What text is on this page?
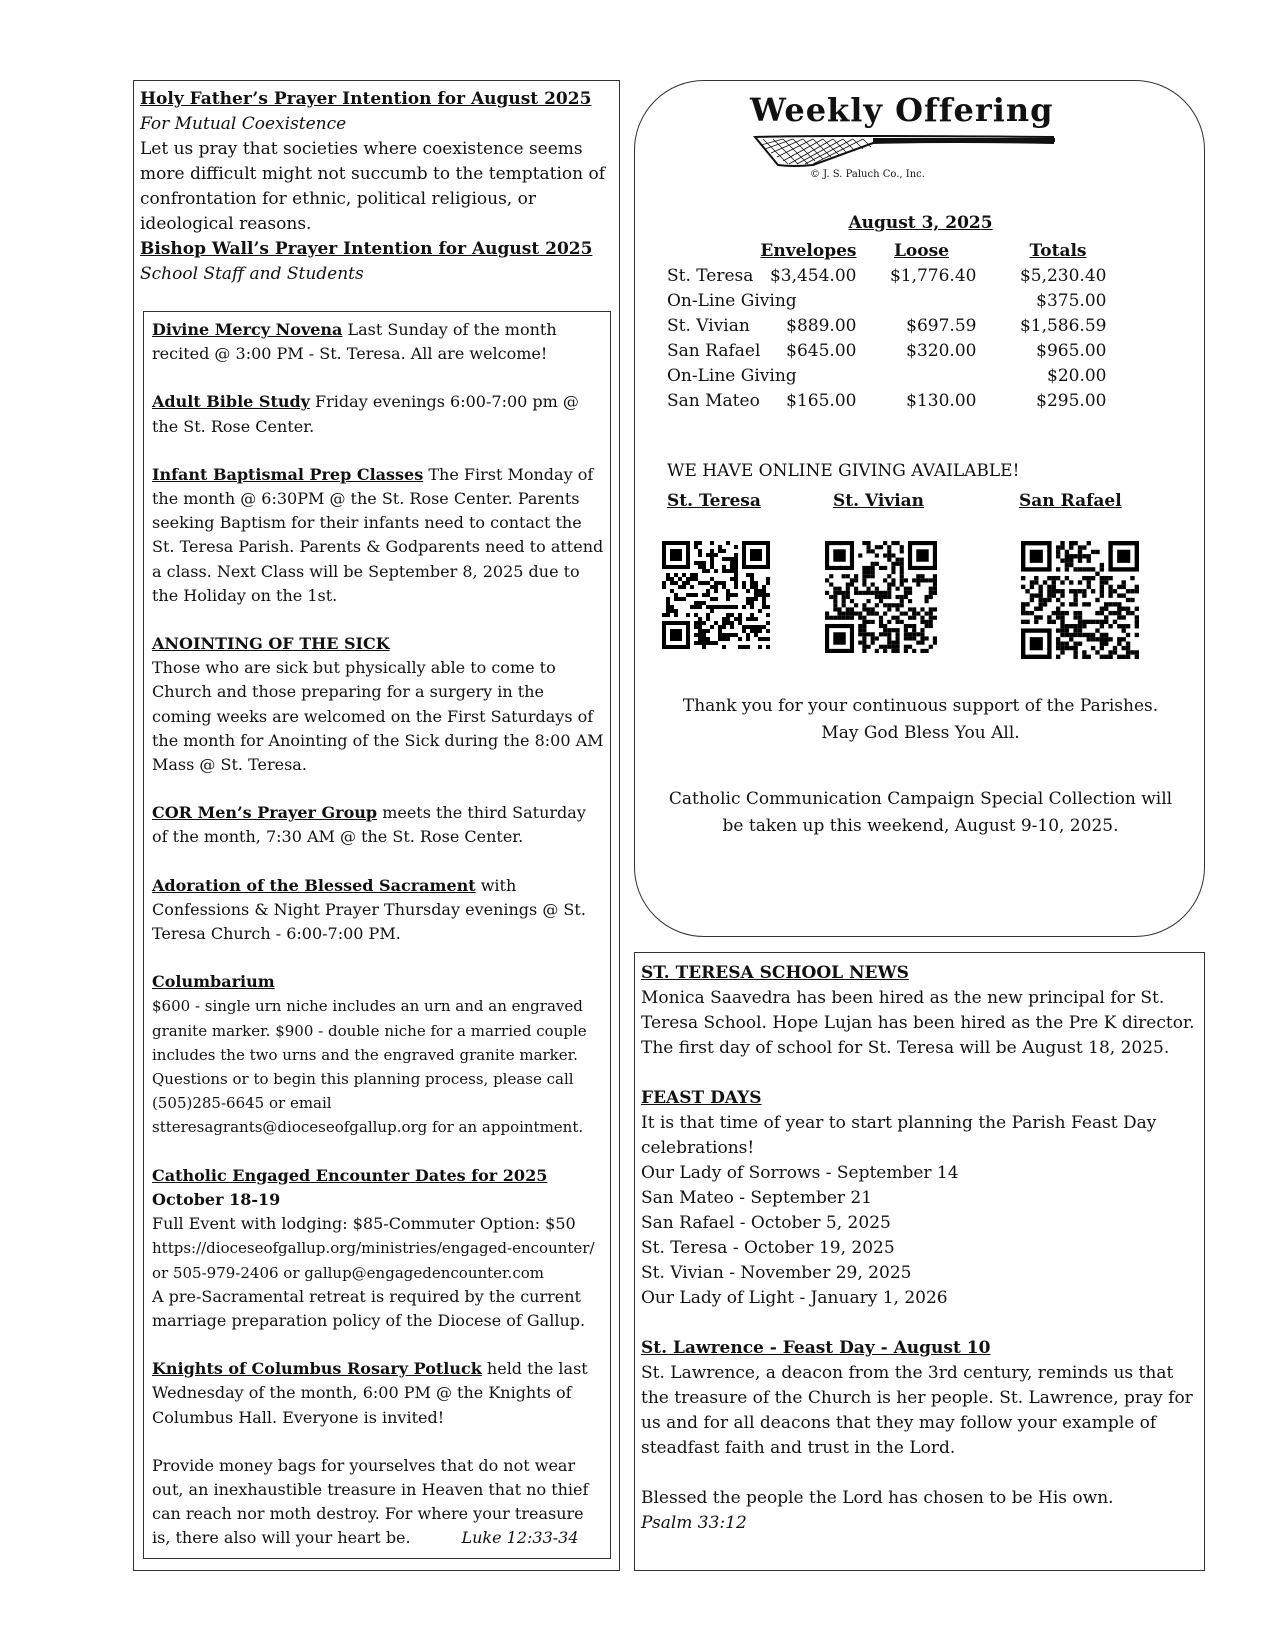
Holy Father’s Prayer Intention for August 2025

For Mutual Coexistence

Let us pray that societies where coexistence seems more difficult might not succumb to the temptation of confrontation for ethnic, political religious, or ideological reasons.

Bishop Wall’s Prayer Intention for August 2025

School Staff and Students

Divine Mercy Novena Last Sunday of the month recited @ 3:00 PM - St. Teresa. All are welcome!

Adult Bible Study Friday evenings 6:00-7:00 pm @ the St. Rose Center.

Infant Baptismal Prep Classes The First Monday of the month @ 6:30PM @ the St. Rose Center. Parents seeking Baptism for their infants need to contact the St. Teresa Parish. Parents & Godparents need to attend a class. Next Class will be September 8, 2025 due to the Holiday on the 1st.

ANOINTING OF THE SICK

Those who are sick but physically able to come to Church and those preparing for a surgery in the coming weeks are welcomed on the First Saturdays of the month for Anointing of the Sick during the 8:00 AM Mass @ St. Teresa.

COR Men’s Prayer Group meets the third Saturday of the month, 7:30 AM @ the St. Rose Center.

Adoration of the Blessed Sacrament with Confessions & Night Prayer Thursday evenings @ St. Teresa Church - 6:00-7:00 PM.

Columbarium

$600 - single urn niche includes an urn and an engraved granite marker. $900 - double niche for a married couple includes the two urns and the engraved granite marker. Questions or to begin this planning process, please call (505)285-6645 or email

stteresagrants@dioceseofgallup.org for an appointment.

Catholic Engaged Encounter Dates for 2025

October 18-19

Full Event with lodging: $85-Commuter Option: $50

https://dioceseofgallup.org/ministries/engaged-encounter/ or 505-979-2406 or gallup@engagedencounter.com

A pre-Sacramental retreat is required by the current marriage preparation policy of the Diocese of Gallup.

Knights of Columbus Rosary Potluck held the last Wednesday of the month, 6:00 PM @ the Knights of Columbus Hall. Everyone is invited!

Provide money bags for yourselves that do not wear out, an inexhaustible treasure in Heaven that no thief can reach nor moth destroy. For where your treasure is, there also will your heart be.	Luke 12:33-34

Weekly Offering
© J. S. Paluch Co., Inc.
August 3, 2025
	Envelopes	Loose	Totals
St. Teresa	$3,454.00	$1,776.40	$5,230.40
On-Line Giving			$375.00
St. Vivian	$889.00	$697.59	$1,586.59
San Rafael	$645.00	$320.00	$965.00
On-Line Giving			$20.00
San Mateo	$165.00	$130.00	$295.00
WE HAVE ONLINE GIVING AVAILABLE!
St. Teresa	St. Vivian	San Rafael

Thank you for your continuous support of the Parishes.

May God Bless You All.

Catholic Communication Campaign Special Collection will

be taken up this weekend, August 9-10, 2025.

ST. TERESA SCHOOL NEWS

Monica Saavedra has been hired as the new principal for St. Teresa School. Hope Lujan has been hired as the Pre K director. The first day of school for St. Teresa will be August 18, 2025.

FEAST DAYS

It is that time of year to start planning the Parish Feast Day celebrations!

Our Lady of Sorrows - September 14

San Mateo - September 21

San Rafael - October 5, 2025

St. Teresa - October 19, 2025

St. Vivian - November 29, 2025

Our Lady of Light - January 1, 2026

St. Lawrence - Feast Day - August 10

St. Lawrence, a deacon from the 3rd century, reminds us that the treasure of the Church is her people. St. Lawrence, pray for us and for all deacons that they may follow your example of steadfast faith and trust in the Lord.

Blessed the people the Lord has chosen to be His own.

Psalm 33:12
